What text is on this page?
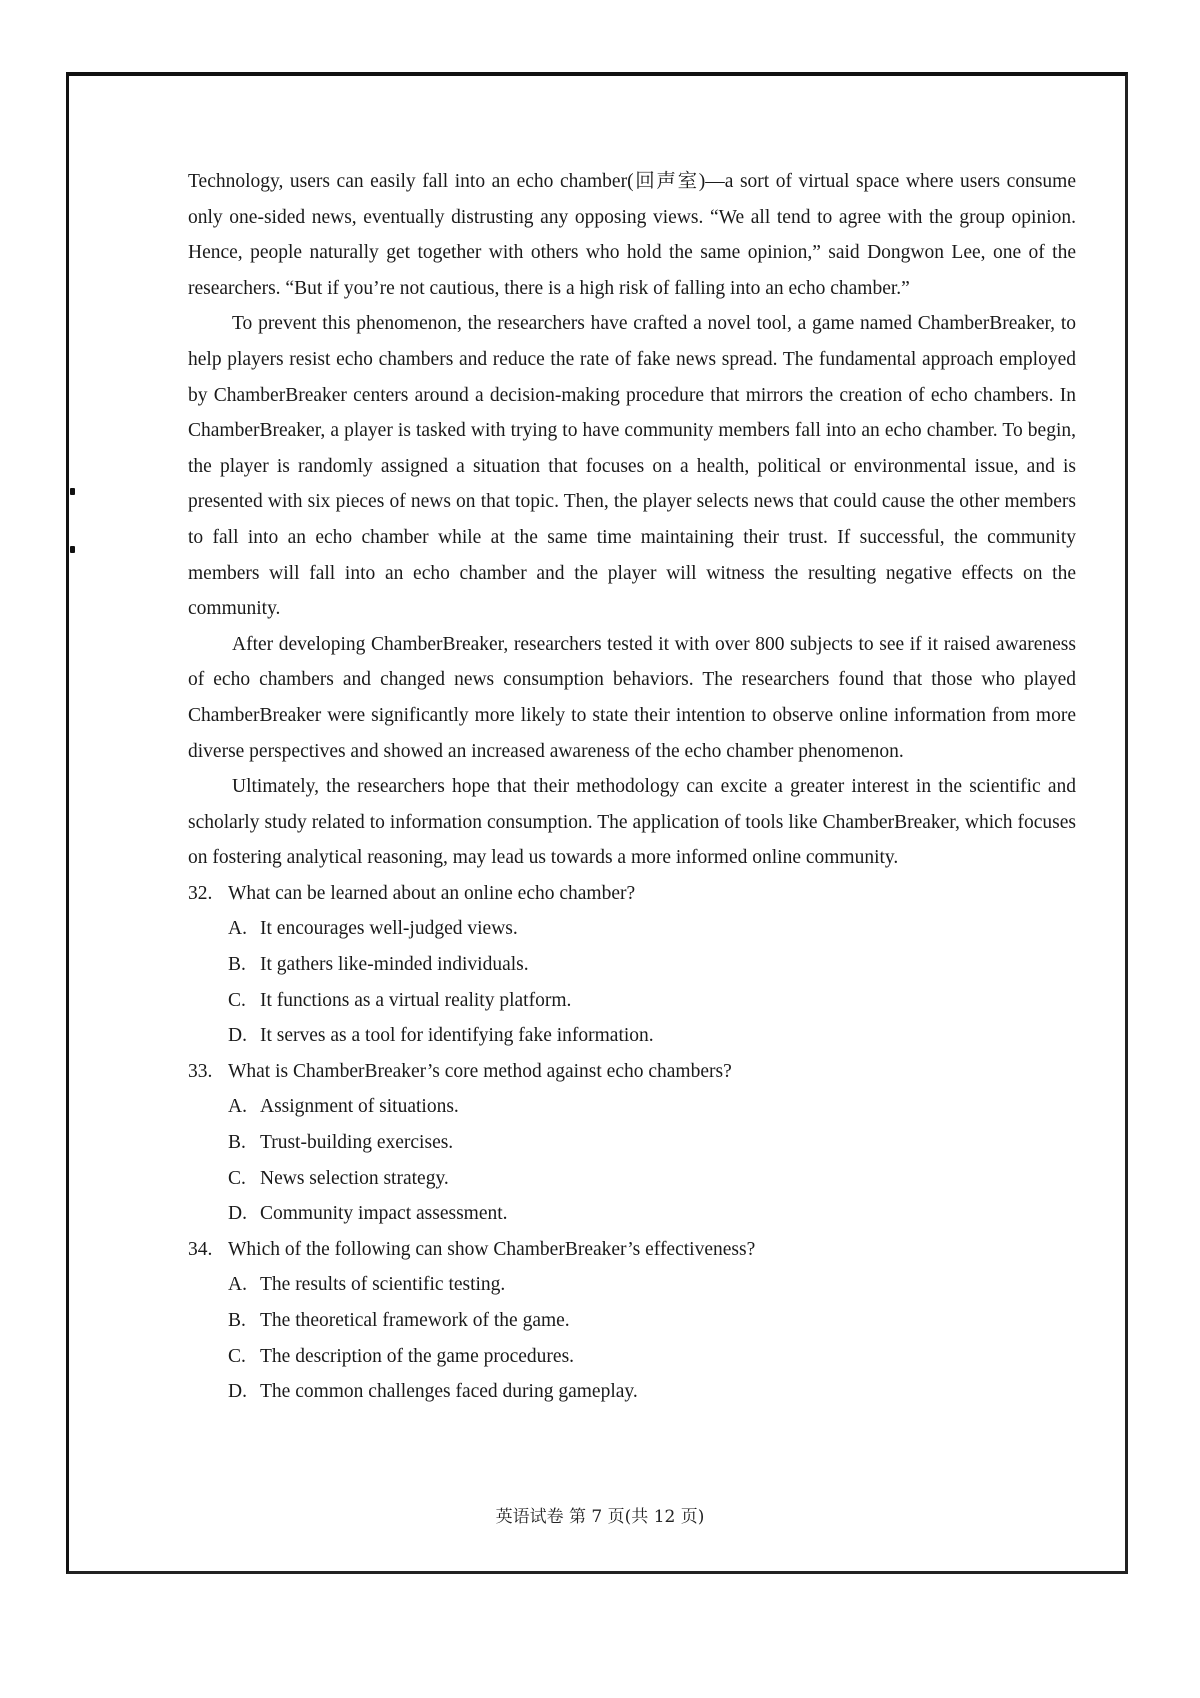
Technology, users can easily fall into an echo chamber(回声室)—a sort of virtual space where users consume only one-sided news, eventually distrusting any opposing views. “We all tend to agree with the group opinion. Hence, people naturally get together with others who hold the same opinion,” said Dongwon Lee, one of the researchers. “But if you’re not cautious, there is a high risk of falling into an echo chamber.”

To prevent this phenomenon, the researchers have crafted a novel tool, a game named ChamberBreaker, to help players resist echo chambers and reduce the rate of fake news spread. The fundamental approach employed by ChamberBreaker centers around a decision-making procedure that mirrors the creation of echo chambers. In ChamberBreaker, a player is tasked with trying to have community members fall into an echo chamber. To begin, the player is randomly assigned a situation that focuses on a health, political or environmental issue, and is presented with six pieces of news on that topic. Then, the player selects news that could cause the other members to fall into an echo chamber while at the same time maintaining their trust. If successful, the community members will fall into an echo chamber and the player will witness the resulting negative effects on the community.

After developing ChamberBreaker, researchers tested it with over 800 subjects to see if it raised awareness of echo chambers and changed news consumption behaviors. The researchers found that those who played ChamberBreaker were significantly more likely to state their intention to observe online information from more diverse perspectives and showed an increased awareness of the echo chamber phenomenon.

Ultimately, the researchers hope that their methodology can excite a greater interest in the scientific and scholarly study related to information consumption. The application of tools like ChamberBreaker, which focuses on fostering analytical reasoning, may lead us towards a more informed online community.

32. What can be learned about an online echo chamber?
A. It encourages well-judged views.
B. It gathers like-minded individuals.
C. It functions as a virtual reality platform.
D. It serves as a tool for identifying fake information.
33. What is ChamberBreaker’s core method against echo chambers?
A. Assignment of situations.B. Trust-building exercises. C. News selection strategy.D. Community impact assessment.
34. Which of the following can show ChamberBreaker’s effectiveness?
A. The results of scientific testing.
B. The theoretical framework of the game.
C. The description of the game procedures.
D. The common challenges faced during gameplay.
英语试卷 第 7 页(共 12 页)
